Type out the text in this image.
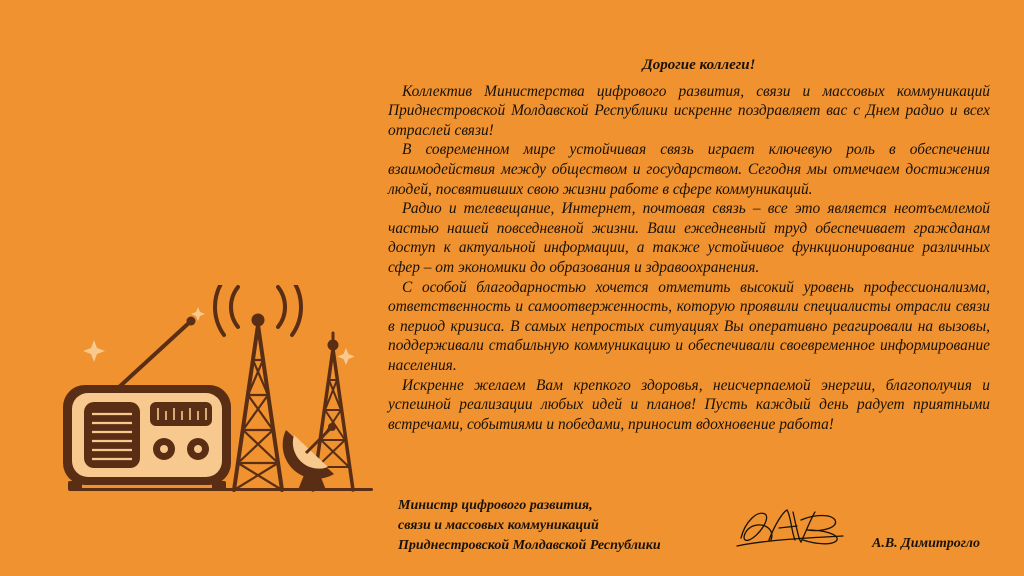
Дорогие коллеги!

Коллектив Министерства цифрового развития, связи и массовых коммуникаций Приднестровской Молдавской Республики искренне поздравляет вас с Днем радио и всех отраслей связи!

В современном мире устойчивая связь играет ключевую роль в обеспечении взаимодействия между обществом и государством. Сегодня мы отмечаем достижения людей, посвятивших свою жизни работе в сфере коммуникаций.

Радио и телевещание, Интернет, почтовая связь – все это является неотъемлемой частью нашей повседневной жизни. Ваш ежедневный труд обеспечивает гражданам доступ к актуальной информации, а также устойчивое функционирование различных сфер – от экономики до образования и здравоохранения.

С особой благодарностью хочется отметить высокий уровень профессионализма, ответственность и самоотверженность, которую проявили специалисты отрасли связи в период кризиса. В самых непростых ситуациях Вы оперативно реагировали на вызовы, поддерживали стабильную коммуникацию и обеспечивали своевременное информирование населения.

Искренне желаем Вам крепкого здоровья, неисчерпаемой энергии, благополучия и успешной реализации любых идей и планов! Пусть каждый день радует приятными встречами, событиями и победами, приносит вдохновение работа!

Министр цифрового развития,
связи и массовых коммуникаций
Приднестровской Молдавской Республики	А.В. Димитрогло
